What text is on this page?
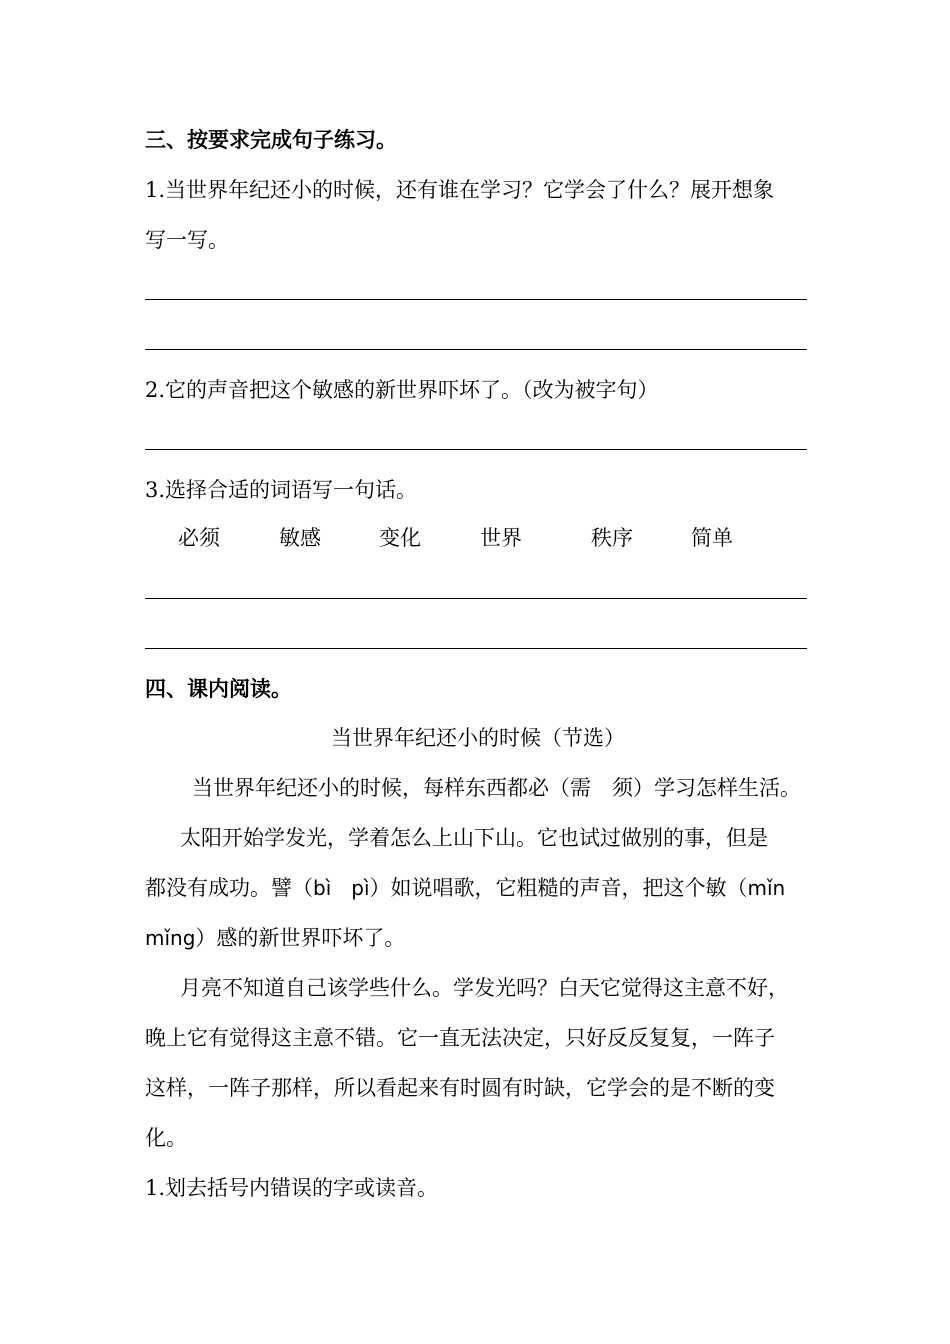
三、按要求完成句子练习。
1.当世界年纪还小的时候，还有谁在学习？它学会了什么？展开想象
写一写。
2.它的声音把这个敏感的新世界吓坏了。（改为被字句）
3.选择合适的词语写一句话。
必须	敏感	变化	世界	秩序	简单
四、课内阅读。
当世界年纪还小的时候（节选）
当世界年纪还小的时候，每样东西都必（需　须）学习怎样生活。
太阳开始学发光，学着怎么上山下山。它也试过做别的事，但是
都没有成功。譬（bì　pì）如说唱歌，它粗糙的声音，把这个敏（mǐn
mǐng）感的新世界吓坏了。
月亮不知道自己该学些什么。学发光吗？白天它觉得这主意不好，
晚上它有觉得这主意不错。它一直无法决定，只好反反复复，一阵子
这样，一阵子那样，所以看起来有时圆有时缺，它学会的是不断的变
化。
1.划去括号内错误的字或读音。
